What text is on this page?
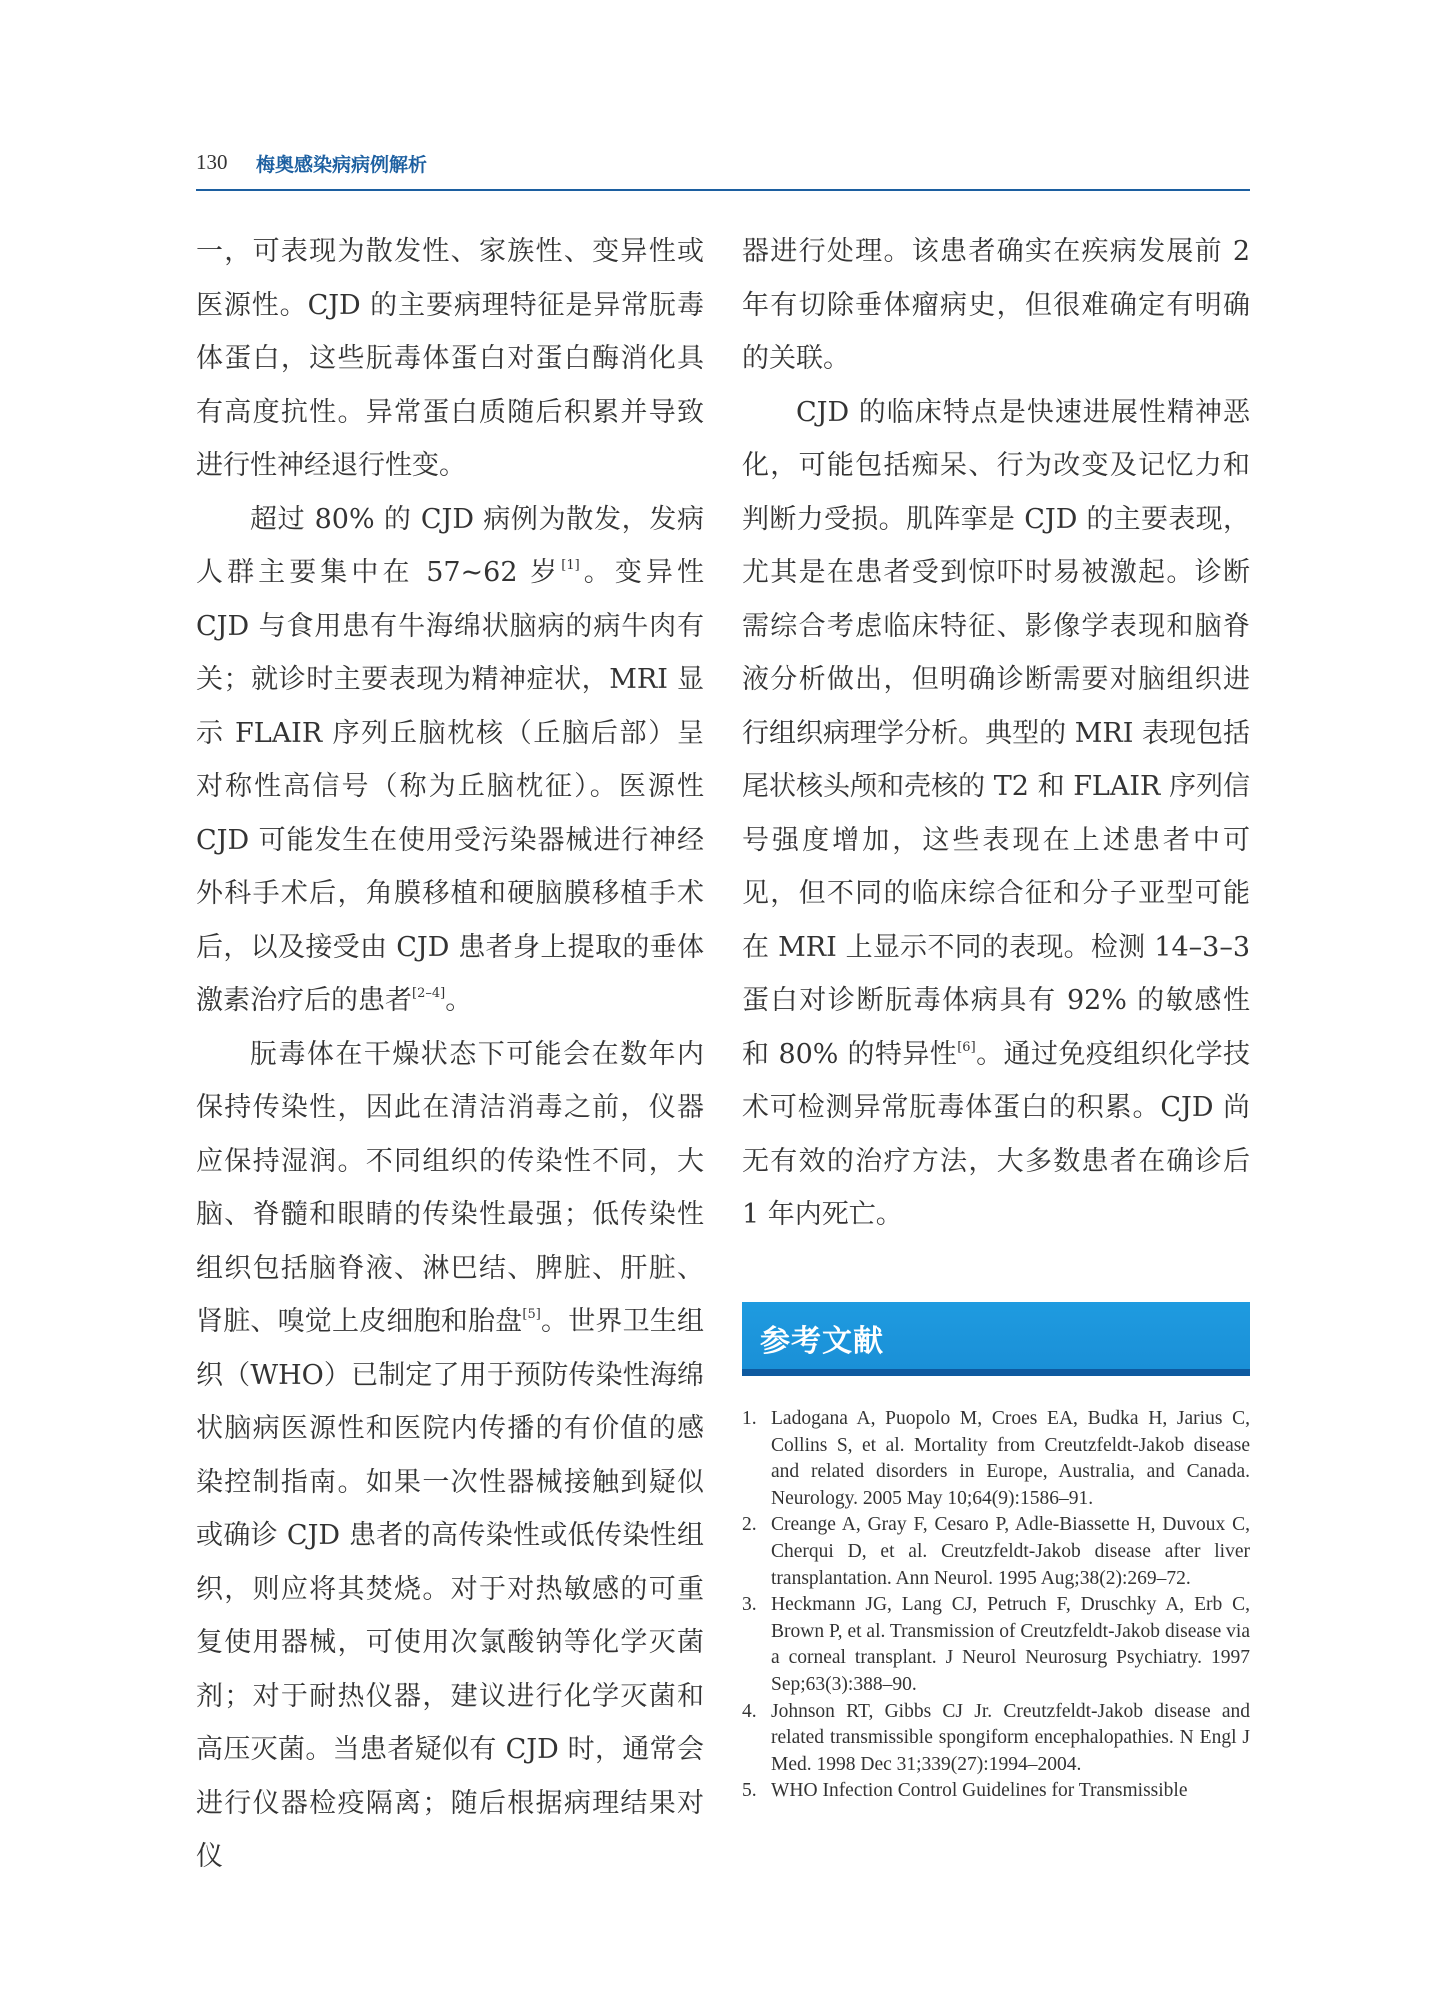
130 梅奥感染病病例解析

一，可表现为散发性、家族性、变异性或医源性。CJD 的主要病理特征是异常朊毒体蛋白，这些朊毒体蛋白对蛋白酶消化具有高度抗性。异常蛋白质随后积累并导致进行性神经退行性变。

超过 80% 的 CJD 病例为散发，发病人群主要集中在 57~62 岁[1]。变异性 CJD 与食用患有牛海绵状脑病的病牛肉有关；就诊时主要表现为精神症状，MRI 显示 FLAIR 序列丘脑枕核（丘脑后部）呈对称性高信号（称为丘脑枕征）。医源性CJD 可能发生在使用受污染器械进行神经外科手术后，角膜移植和硬脑膜移植手术后，以及接受由 CJD 患者身上提取的垂体激素治疗后的患者[2–4]。

朊毒体在干燥状态下可能会在数年内保持传染性，因此在清洁消毒之前，仪器应保持湿润。不同组织的传染性不同，大脑、脊髓和眼睛的传染性最强；低传染性组织包括脑脊液、淋巴结、脾脏、肝脏、肾脏、嗅觉上皮细胞和胎盘[5]。世界卫生组织（WHO）已制定了用于预防传染性海绵状脑病医源性和医院内传播的有价值的感染控制指南。如果一次性器械接触到疑似或确诊 CJD 患者的高传染性或低传染性组织，则应将其焚烧。对于对热敏感的可重复使用器械，可使用次氯酸钠等化学灭菌剂；对于耐热仪器，建议进行化学灭菌和高压灭菌。当患者疑似有 CJD 时，通常会进行仪器检疫隔离；随后根据病理结果对仪

器进行处理。该患者确实在疾病发展前 2 年有切除垂体瘤病史，但很难确定有明确的关联。

CJD 的临床特点是快速进展性精神恶化，可能包括痴呆、行为改变及记忆力和判断力受损。肌阵挛是 CJD 的主要表现，尤其是在患者受到惊吓时易被激起。诊断需综合考虑临床特征、影像学表现和脑脊液分析做出，但明确诊断需要对脑组织进行组织病理学分析。典型的 MRI 表现包括尾状核头颅和壳核的 T2 和 FLAIR 序列信号强度增加，这些表现在上述患者中可见，但不同的临床综合征和分子亚型可能在 MRI 上显示不同的表现。检测 14–3–3 蛋白对诊断朊毒体病具有 92% 的敏感性和 80% 的特异性[6]。通过免疫组织化学技术可检测异常朊毒体蛋白的积累。CJD 尚无有效的治疗方法，大多数患者在确诊后 1 年内死亡。

参考文献
1. Ladogana A, Puopolo M, Croes EA, Budka H, Jarius C, Collins S, et al. Mortality from Creutzfeldt-Jakob disease and related disorders in Europe, Australia, and Canada. Neurology. 2005 May 10;64(9):1586–91.
2. Creange A, Gray F, Cesaro P, Adle-Biassette H, Duvoux C, Cherqui D, et al. Creutzfeldt-Jakob disease after liver transplantation. Ann Neurol. 1995 Aug;38(2):269–72.
3. Heckmann JG, Lang CJ, Petruch F, Druschky A, Erb C, Brown P, et al. Transmission of Creutzfeldt-Jakob disease via a corneal transplant. J Neurol Neurosurg Psychiatry. 1997 Sep;63(3):388–90.
4. Johnson RT, Gibbs CJ Jr. Creutzfeldt-Jakob disease and related transmissible spongiform encephalopathies. N Engl J Med. 1998 Dec 31;339(27):1994–2004.
5. WHO Infection Control Guidelines for Transmissible
